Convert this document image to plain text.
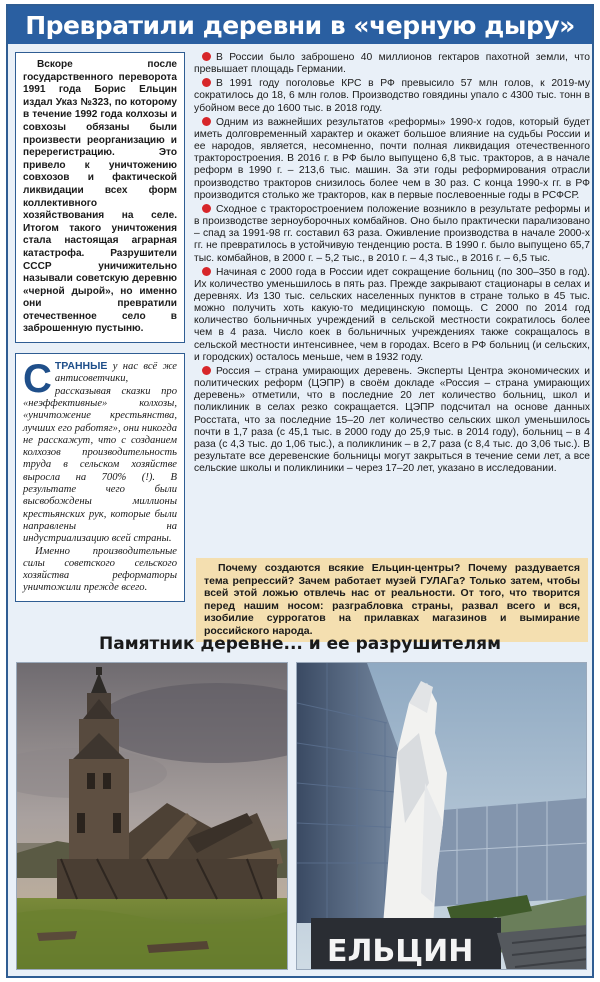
Превратили деревни в «черную дыру»

Вскоре после государственного переворота 1991 года Борис Ельцин издал Указ №323, по которому в течение 1992 года колхозы и совхозы обязаны были произвести реорганизацию и перерегистрацию. Это привело к уничтожению совхозов и фактической ликвидации всех форм коллективного хозяйствования на селе. Итогом такого уничтожения стала настоящая аграрная катастрофа. Разрушители СССР уничижительно называли советскую деревню «черной дырой», но именно они превратили отечественное село в заброшенную пустыню.

СТРАННЫЕ у нас всё же антисоветчики, рассказывая сказки про «неэффективные» колхозы, «уничтожение крестьянства, лучших его работяг», они никогда не расскажут, что с созданием колхозов производительность труда в сельском хозяйстве выросла на 700% (!). В результате чего были высвобождены миллионы крестьянских рук, которые были направлены на индустриализацию всей страны.

Именно производительные силы советского сельского хозяйства реформаторы уничтожили прежде всего.

В России было заброшено 40 миллионов гектаров пахотной земли, что превышает площадь Германии.

В 1991 году поголовье КРС в РФ превысило 57 млн голов, к 2019-му сократилось до 18, 6 млн голов. Производство говядины упало с 4300 тыс. тонн в убойном весе до 1600 тыс. в 2018 году.

Одним из важнейших результатов «реформы» 1990-х годов, который будет иметь долговременный характер и окажет большое влияние на судьбы России и ее народов, является, несомненно, почти полная ликвидация отечественного тракторостроения. В 2016 г. в РФ было выпущено 6,8 тыс. тракторов, а в начале реформ в 1990 г. – 213,6 тыс. машин. За эти годы реформирования отрасли производство тракторов снизилось более чем в 30 раз. С конца 1990-х гг. в РФ производится столько же тракторов, как в первые послевоенные годы в РСФСР.

Сходное с тракторостроением положение возникло в результате реформы и в производстве зерноуборочных комбайнов. Оно было практически парализовано – спад за 1991-98 гг. составил 63 раза. Оживление производства в начале 2000-х гг. не превратилось в устойчивую тенденцию роста. В 1990 г. было выпущено 65,7 тыс. комбайнов, в 2000 г. – 5,2 тыс., в 2010 г. – 4,3 тыс., в 2016 г. – 6,5 тыс.

Начиная с 2000 года в России идет сокращение больниц (по 300–350 в год). Их количество уменьшилось в пять раз. Прежде закрывают стационары в селах и деревнях. Из 130 тыс. сельских населенных пунктов в стране только в 45 тыс. можно получить хоть какую-то медицинскую помощь. С 2000 по 2014 год количество больничных учреждений в сельской местности сократилось более чем в 4 раза. Число коек в больничных учреждениях также сокращалось в сельской местности интенсивнее, чем в городах. Всего в РФ больниц (и сельских, и городских) осталось меньше, чем в 1932 году.

Россия – страна умирающих деревень. Эксперты Центра экономических и политических реформ (ЦЭПР) в своём докладе «Россия – страна умирающих деревень» отметили, что в последние 20 лет количество больниц, школ и поликлиник в селах резко сокращается. ЦЭПР подсчитал на основе данных Росстата, что за последние 15–20 лет количество сельских школ уменьшилось почти в 1,7 раза (с 45,1 тыс. в 2000 году до 25,9 тыс. в 2014 году), больниц – в 4 раза (с 4,3 тыс. до 1,06 тыс.), а поликлиник – в 2,7 раза (с 8,4 тыс. до 3,06 тыс.). В результате все деревенские больницы могут закрыться в течение семи лет, а все сельские школы и поликлиники – через 17–20 лет, указано в исследовании.

Почему создаются всякие Ельцин-центры? Почему раздувается тема репрессий? Зачем работает музей ГУЛАГа? Только затем, чтобы всей этой ложью отвлечь нас от реальности. От того, что творится перед нашим носом: разграбловка страны, развал всего и вся, изобилие суррогатов на прилавках магазинов и вымирание российского народа.
Памятник деревне... и ее разрушителям
ЕЛЬЦИН
